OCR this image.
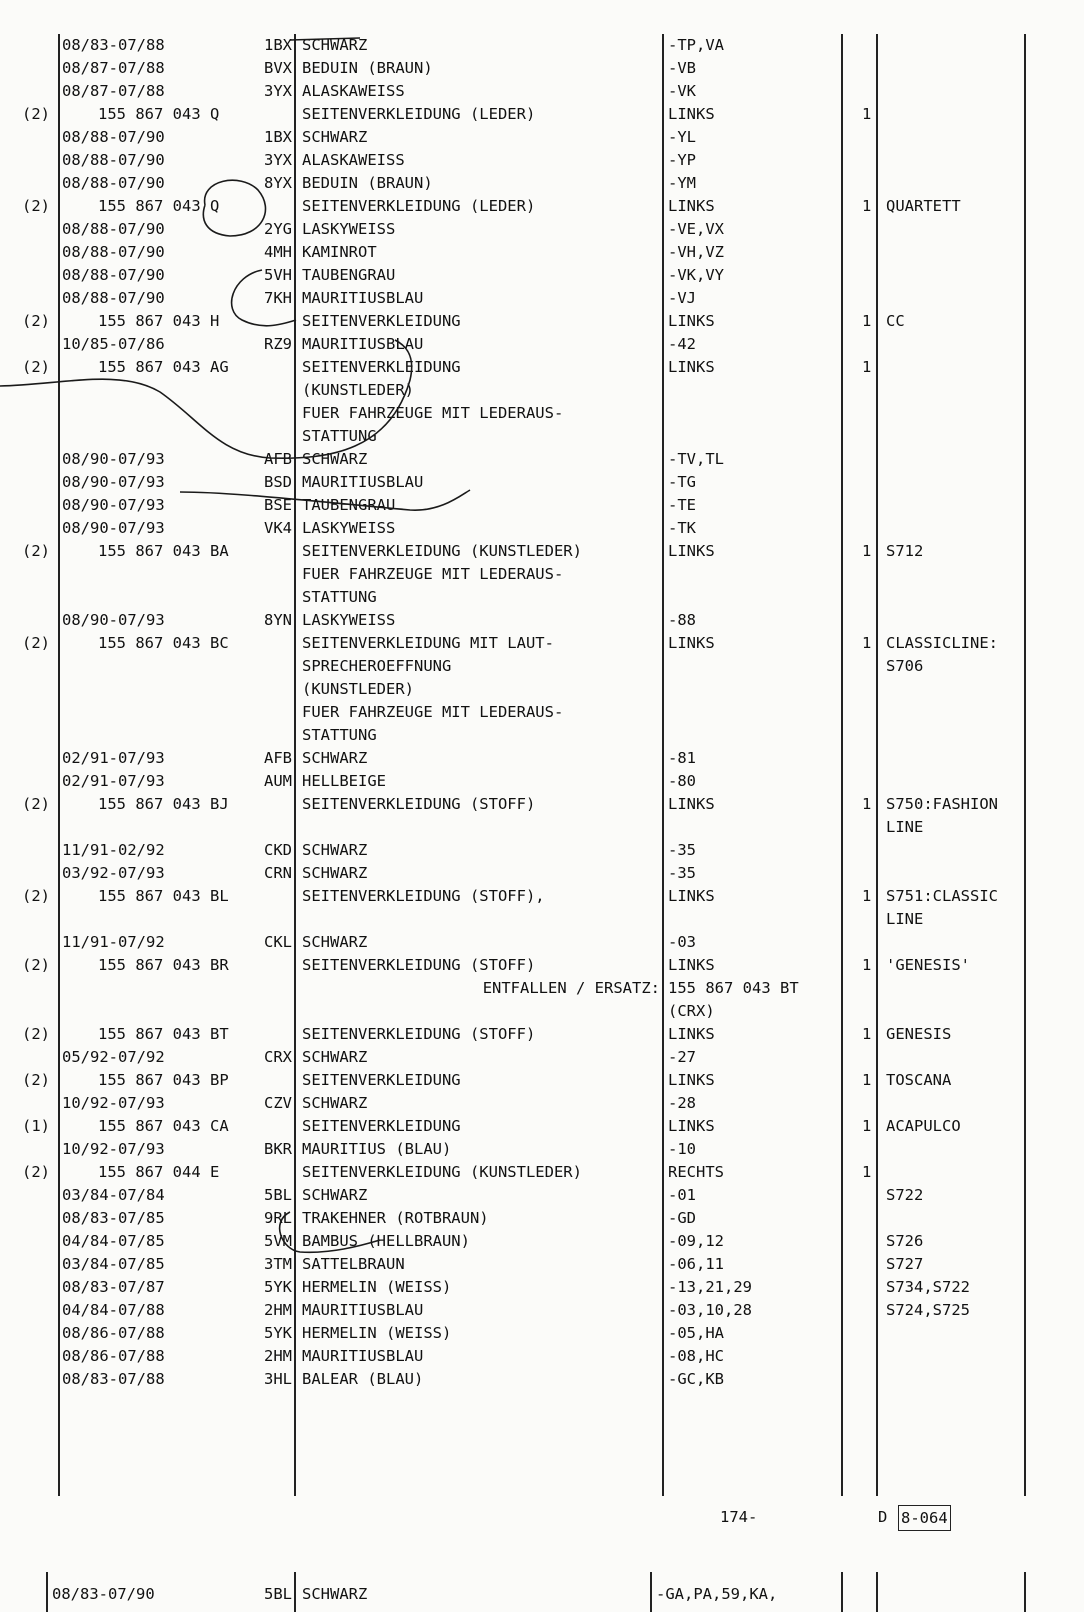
08/83-07/88	1BX SCHWARZ	-TP,VA
08/87-07/88	BVX BEDUIN (BRAUN)	-VB
08/87-07/88	3YX ALASKAWEISS	-VK
(2)	155 867 043 Q	SEITENVERKLEIDUNG (LEDER)	LINKS	1
08/88-07/90	1BX SCHWARZ	-YL
08/88-07/90	3YX ALASKAWEISS	-YP
08/88-07/90	8YX BEDUIN (BRAUN)	-YM
(2)	155 867 043 Q	SEITENVERKLEIDUNG (LEDER)	LINKS	1 QUARTETT
08/88-07/90	2YG LASKYWEISS	-VE,VX
08/88-07/90	4MH KAMINROT	-VH,VZ
08/88-07/90	5VH TAUBENGRAU	-VK,VY
08/88-07/90	7KH MAURITIUSBLAU	-VJ
(2)	155 867 043 H	SEITENVERKLEIDUNG	LINKS	1 CC
10/85-07/86	RZ9 MAURITIUSBLAU	-42
(2)	155 867 043 AG	SEITENVERKLEIDUNG	LINKS	1
(KUNSTLEDER)
FUER FAHRZEUGE MIT LEDERAUS-
STATTUNG
08/90-07/93	AFB SCHWARZ	-TV,TL
08/90-07/93	BSD MAURITIUSBLAU	-TG
08/90-07/93	BSE TAUBENGRAU	-TE
08/90-07/93	VK4 LASKYWEISS	-TK
(2)	155 867 043 BA	SEITENVERKLEIDUNG (KUNSTLEDER)	LINKS	1 S712
FUER FAHRZEUGE MIT LEDERAUS-
STATTUNG
08/90-07/93	8YN LASKYWEISS	-88
(2)	155 867 043 BC	SEITENVERKLEIDUNG MIT LAUT-	LINKS	1 CLASSICLINE:
SPRECHEROEFFNUNG	S706
(KUNSTLEDER)
FUER FAHRZEUGE MIT LEDERAUS-
STATTUNG
02/91-07/93	AFB SCHWARZ	-81
02/91-07/93	AUM HELLBEIGE	-80
(2)	155 867 043 BJ	SEITENVERKLEIDUNG (STOFF)	LINKS	1 S750:FASHION
LINE
11/91-02/92	CKD SCHWARZ	-35
03/92-07/93	CRN SCHWARZ	-35
(2)	155 867 043 BL	SEITENVERKLEIDUNG (STOFF),	LINKS	1 S751:CLASSIC
LINE
11/91-07/92	CKL SCHWARZ	-03
(2)	155 867 043 BR	SEITENVERKLEIDUNG (STOFF)	LINKS	1 'GENESIS'
ENTFALLEN / ERSATZ: 155 867 043 BT
(CRX)
(2)	155 867 043 BT	SEITENVERKLEIDUNG (STOFF)	LINKS	1 GENESIS
05/92-07/92	CRX SCHWARZ	-27
(2)	155 867 043 BP	SEITENVERKLEIDUNG	LINKS	1 TOSCANA
10/92-07/93	CZV SCHWARZ	-28
(1)	155 867 043 CA	SEITENVERKLEIDUNG	LINKS	1 ACAPULCO
10/92-07/93	BKR MAURITIUS (BLAU)	-10
(2)	155 867 044 E	SEITENVERKLEIDUNG (KUNSTLEDER)	RECHTS	1
03/84-07/84	5BL SCHWARZ	-01	S722
08/83-07/85	9RL TRAKEHNER (ROTBRAUN)	-GD
04/84-07/85	5VM BAMBUS (HELLBRAUN)	-09,12	S726
03/84-07/85	3TM SATTELBRAUN	-06,11	S727
08/83-07/87	5YK HERMELIN (WEISS)	-13,21,29	S734,S722
04/84-07/88	2HM MAURITIUSBLAU	-03,10,28	S724,S725
08/86-07/88	5YK HERMELIN (WEISS)	-05,HA
08/86-07/88	2HM MAURITIUSBLAU	-08,HC
08/83-07/88	3HL BALEAR (BLAU)	-GC,KB
174-	D 8-064
08/83-07/90	5BL SCHWARZ	-GA,PA,59,KA,
